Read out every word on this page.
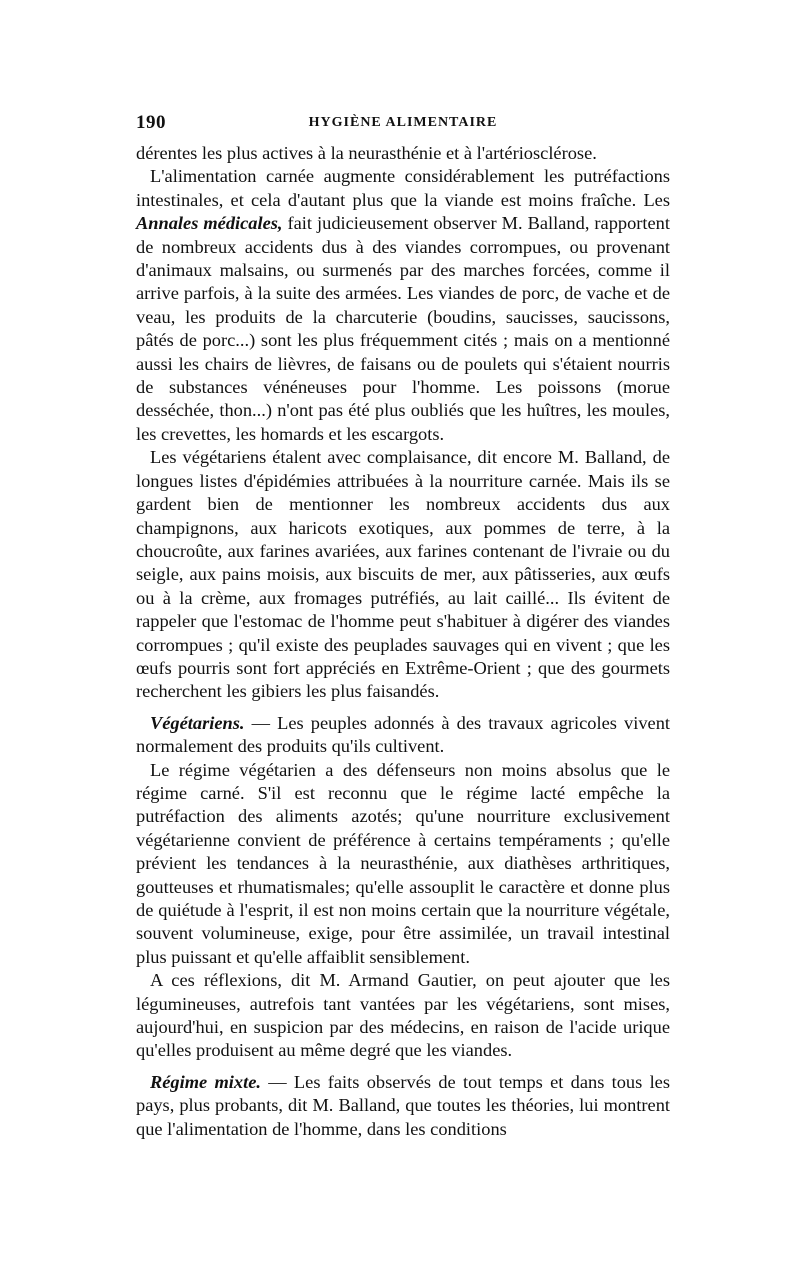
190	HYGIÈNE ALIMENTAIRE

dérentes les plus actives à la neurasthénie et à l'artériosclérose.

L'alimentation carnée augmente considérablement les putréfactions intestinales, et cela d'autant plus que la viande est moins fraîche. Les Annales médicales, fait judicieusement observer M. Balland, rapportent de nombreux accidents dus à des viandes corrompues, ou provenant d'animaux malsains, ou surmenés par des marches forcées, comme il arrive parfois, à la suite des armées. Les viandes de porc, de vache et de veau, les produits de la charcuterie (boudins, saucisses, saucissons, pâtés de porc...) sont les plus fréquemment cités ; mais on a mentionné aussi les chairs de lièvres, de faisans ou de poulets qui s'étaient nourris de substances vénéneuses pour l'homme. Les poissons (morue desséchée, thon...) n'ont pas été plus oubliés que les huîtres, les moules, les crevettes, les homards et les escargots.

Les végétariens étalent avec complaisance, dit encore M. Balland, de longues listes d'épidémies attribuées à la nourriture carnée. Mais ils se gardent bien de mentionner les nombreux accidents dus aux champignons, aux haricots exotiques, aux pommes de terre, à la choucroûte, aux farines avariées, aux farines contenant de l'ivraie ou du seigle, aux pains moisis, aux biscuits de mer, aux pâtisseries, aux œufs ou à la crème, aux fromages putréfiés, au lait caillé... Ils évitent de rappeler que l'estomac de l'homme peut s'habituer à digérer des viandes corrompues ; qu'il existe des peuplades sauvages qui en vivent ; que les œufs pourris sont fort appréciés en Extrême-Orient ; que des gourmets recherchent les gibiers les plus faisandés.

Végétariens. — Les peuples adonnés à des travaux agricoles vivent normalement des produits qu'ils cultivent.

Le régime végétarien a des défenseurs non moins absolus que le régime carné. S'il est reconnu que le régime lacté empêche la putréfaction des aliments azotés; qu'une nourriture exclusivement végétarienne convient de préférence à certains tempéraments ; qu'elle prévient les tendances à la neurasthénie, aux diathèses arthritiques, goutteuses et rhumatismales; qu'elle assouplit le caractère et donne plus de quiétude à l'esprit, il est non moins certain que la nourriture végétale, souvent volumineuse, exige, pour être assimilée, un travail intestinal plus puissant et qu'elle affaiblit sensiblement.

A ces réflexions, dit M. Armand Gautier, on peut ajouter que les légumineuses, autrefois tant vantées par les végétariens, sont mises, aujourd'hui, en suspicion par des médecins, en raison de l'acide urique qu'elles produisent au même degré que les viandes.

Régime mixte. — Les faits observés de tout temps et dans tous les pays, plus probants, dit M. Balland, que toutes les théories, lui montrent que l'alimentation de l'homme, dans les conditions
